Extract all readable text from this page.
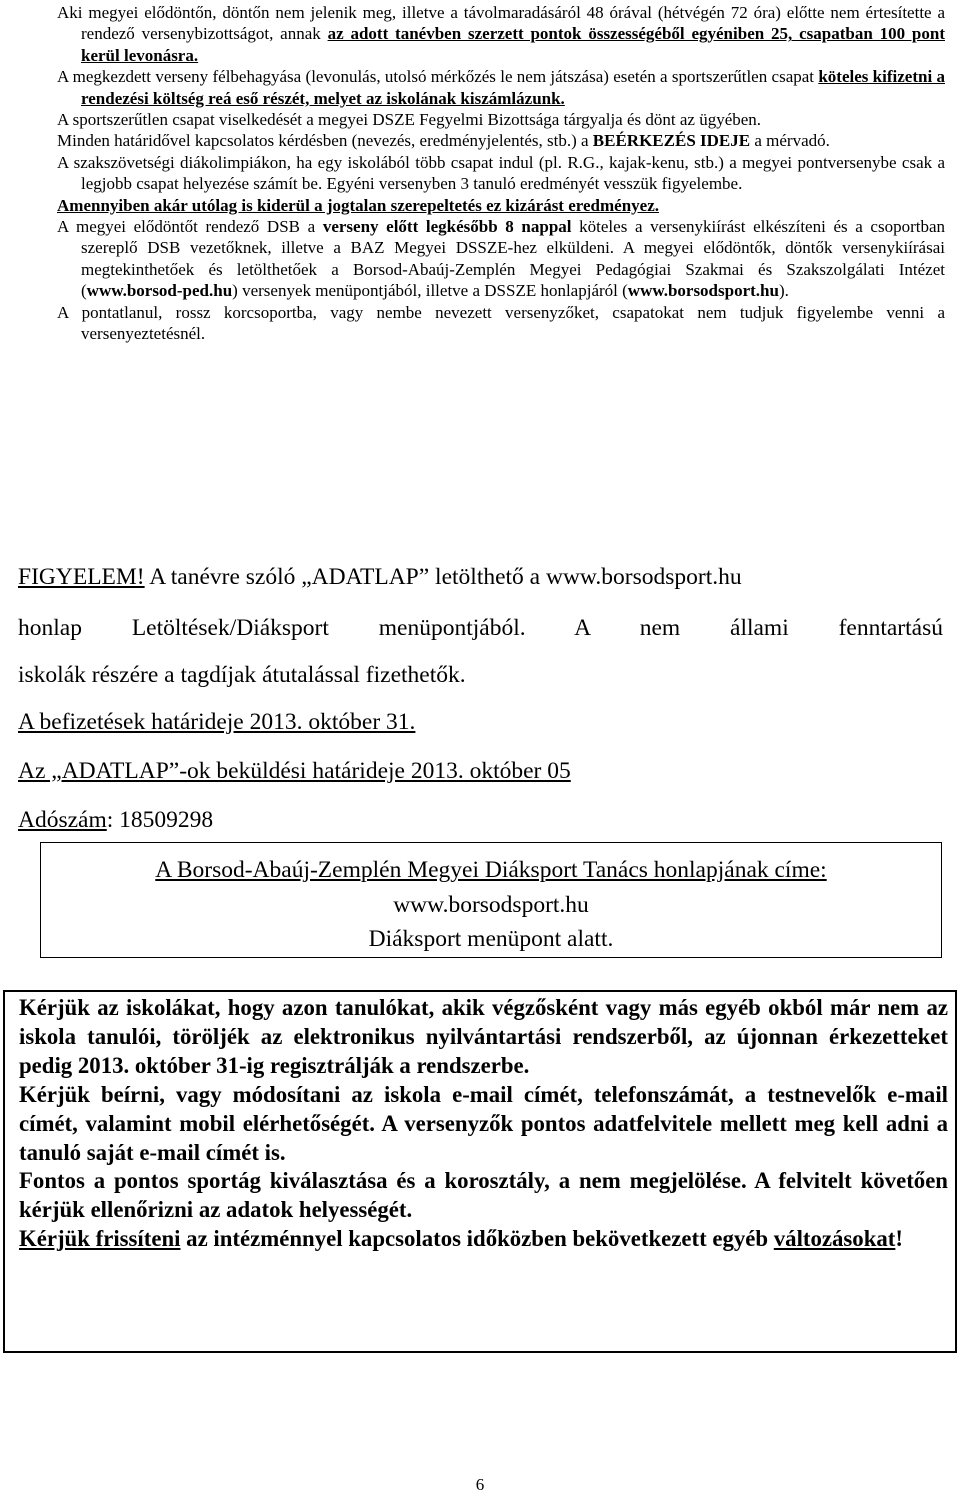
Aki megyei elődöntőn, döntőn nem jelenik meg, illetve a távolmaradásáról 48 órával (hétvégén 72 óra) előtte nem értesítette a rendező versenybizottságot, annak az adott tanévben szerzett pontok összességéből egyéniben 25, csapatban 100 pont kerül levonásra.

A megkezdett verseny félbehagyása (levonulás, utolsó mérkőzés le nem játszása) esetén a sportszerűtlen csapat köteles kifizetni a rendezési költség reá eső részét, melyet az iskolának kiszámlázunk.

A sportszerűtlen csapat viselkedését a megyei DSZE Fegyelmi Bizottsága tárgyalja és dönt az ügyében.

Minden határidővel kapcsolatos kérdésben (nevezés, eredményjelentés, stb.) a BEÉRKEZÉS IDEJE a mérvadó.

A szakszövetségi diákolimpiákon, ha egy iskolából több csapat indul (pl. R.G., kajak-kenu, stb.) a megyei pontversenybe csak a legjobb csapat helyezése számít be. Egyéni versenyben 3 tanuló eredményét vesszük figyelembe.

Amennyiben akár utólag is kiderül a jogtalan szerepeltetés ez kizárást eredményez.

A megyei elődöntőt rendező DSB a verseny előtt legkésőbb 8 nappal köteles a versenykiírást elkészíteni és a csoportban szereplő DSB vezetőknek, illetve a BAZ Megyei DSSZE-hez elküldeni. A megyei elődöntők, döntők versenykiírásai megtekinthetőek és letölthetőek a Borsod-Abaúj-Zemplén Megyei Pedagógiai Szakmai és Szakszolgálati Intézet (www.borsod-ped.hu) versenyek menüpontjából, illetve a DSSZE honlapjáról (www.borsodsport.hu).

A pontatlanul, rossz korcsoportba, vagy nembe nevezett versenyzőket, csapatokat nem tudjuk figyelembe venni a versenyeztetésnél.

FIGYELEM! A tanévre szóló „ADATLAP” letölthető a www.borsodsport.hu
honlap Letöltések/Diáksport menüpontjából. A nem állami fenntartású
iskolák részére a tagdíjak átutalással fizethetők.
A befizetések határideje 2013. október 31.
Az „ADATLAP”-ok beküldési határideje 2013. október 05
Adószám: 18509298
A Borsod-Abaúj-Zemplén Megyei Diáksport Tanács honlapjának címe:
www.borsodsport.hu
Diáksport menüpont alatt.

Kérjük az iskolákat, hogy azon tanulókat, akik végzősként vagy más egyéb okból már nem az iskola tanulói, töröljék az elektronikus nyilvántartási rendszerből, az újonnan érkezetteket pedig 2013. október 31-ig regisztrálják a rendszerbe.

Kérjük beírni, vagy módosítani az iskola e-mail címét, telefonszámát, a testnevelők e-mail címét, valamint mobil elérhetőségét. A versenyzők pontos adatfelvitele mellett meg kell adni a tanuló saját e-mail címét is.

Fontos a pontos sportág kiválasztása és a korosztály, a nem megjelölése. A felvitelt követően kérjük ellenőrizni az adatok helyességét.

Kérjük frissíteni az intézménnyel kapcsolatos időközben bekövetkezett egyéb változásokat!

6
